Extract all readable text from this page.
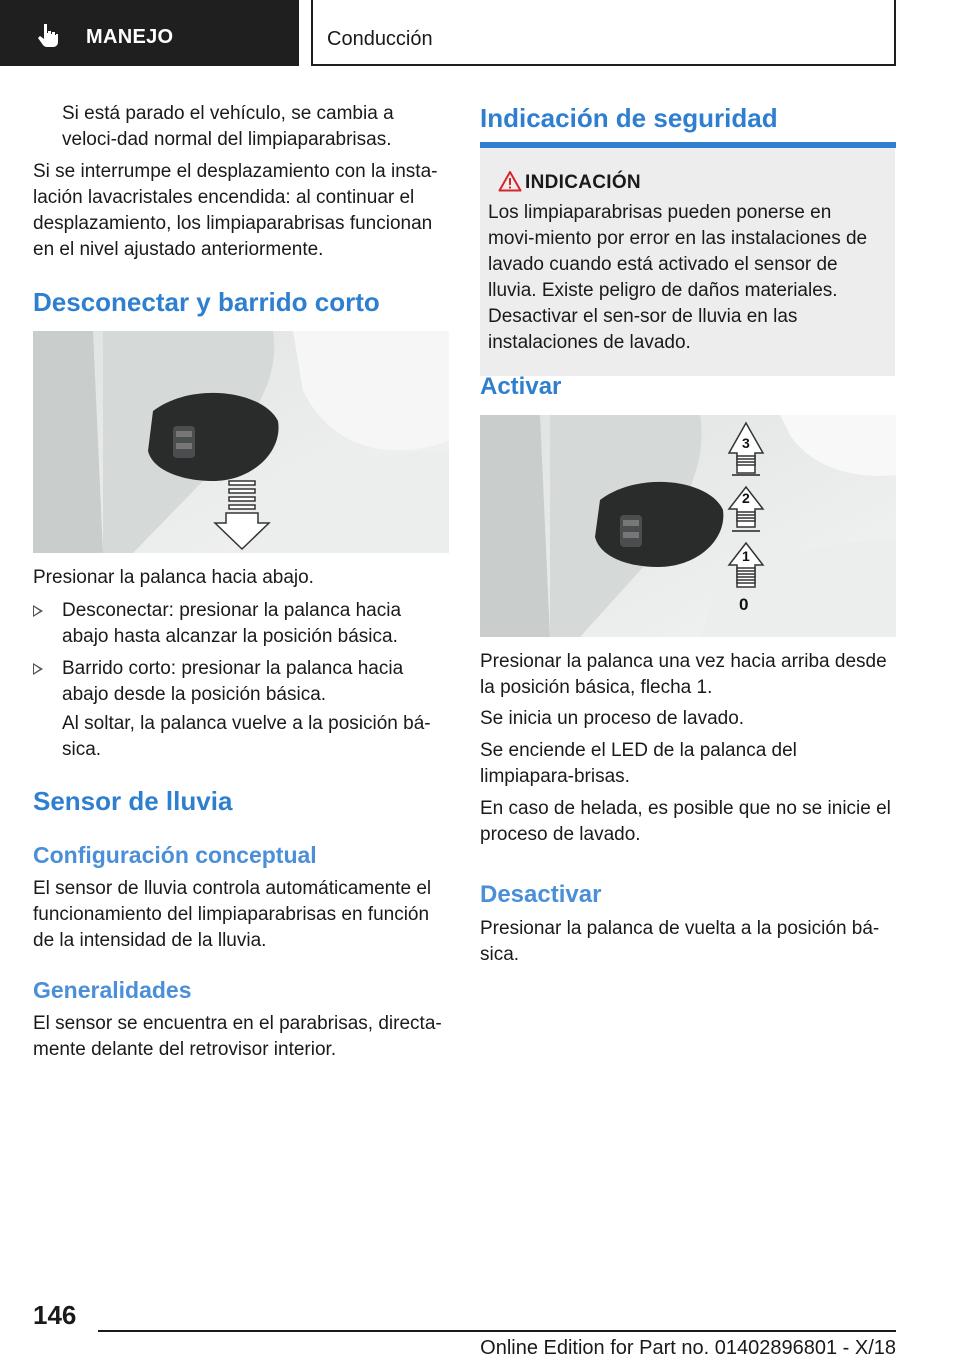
MANEJO	Conducción

Si está parado el vehículo, se cambia a veloci-dad normal del limpiaparabrisas.

Si se interrumpe el desplazamiento con la insta-lación lavacristales encendida: al continuar el desplazamiento, los limpiaparabrisas funcionan en el nivel ajustado anteriormente.

Desconectar y barrido corto

Presionar la palanca hacia abajo.

Desconectar: presionar la palanca hacia abajo hasta alcanzar la posición básica.
Barrido corto: presionar la palanca hacia abajo desde la posición básica.

Al soltar, la palanca vuelve a la posición bá-sica.

Sensor de lluvia
Configuración conceptual

El sensor de lluvia controla automáticamente el funcionamiento del limpiaparabrisas en función de la intensidad de la lluvia.

Generalidades

El sensor se encuentra en el parabrisas, directa-mente delante del retrovisor interior.

Indicación de seguridad
INDICACIÓN

Los limpiaparabrisas pueden ponerse en movi-miento por error en las instalaciones de lavado cuando está activado el sensor de lluvia. Existe peligro de daños materiales. Desactivar el sen-sor de lluvia en las instalaciones de lavado.

Activar
3
2
1
0

Presionar la palanca una vez hacia arriba desde la posición básica, flecha 1.

Se inicia un proceso de lavado.

Se enciende el LED de la palanca del limpiapara-brisas.

En caso de helada, es posible que no se inicie el proceso de lavado.

Desactivar

Presionar la palanca de vuelta a la posición bá-sica.

146
Online Edition for Part no. 01402896801 - X/18
